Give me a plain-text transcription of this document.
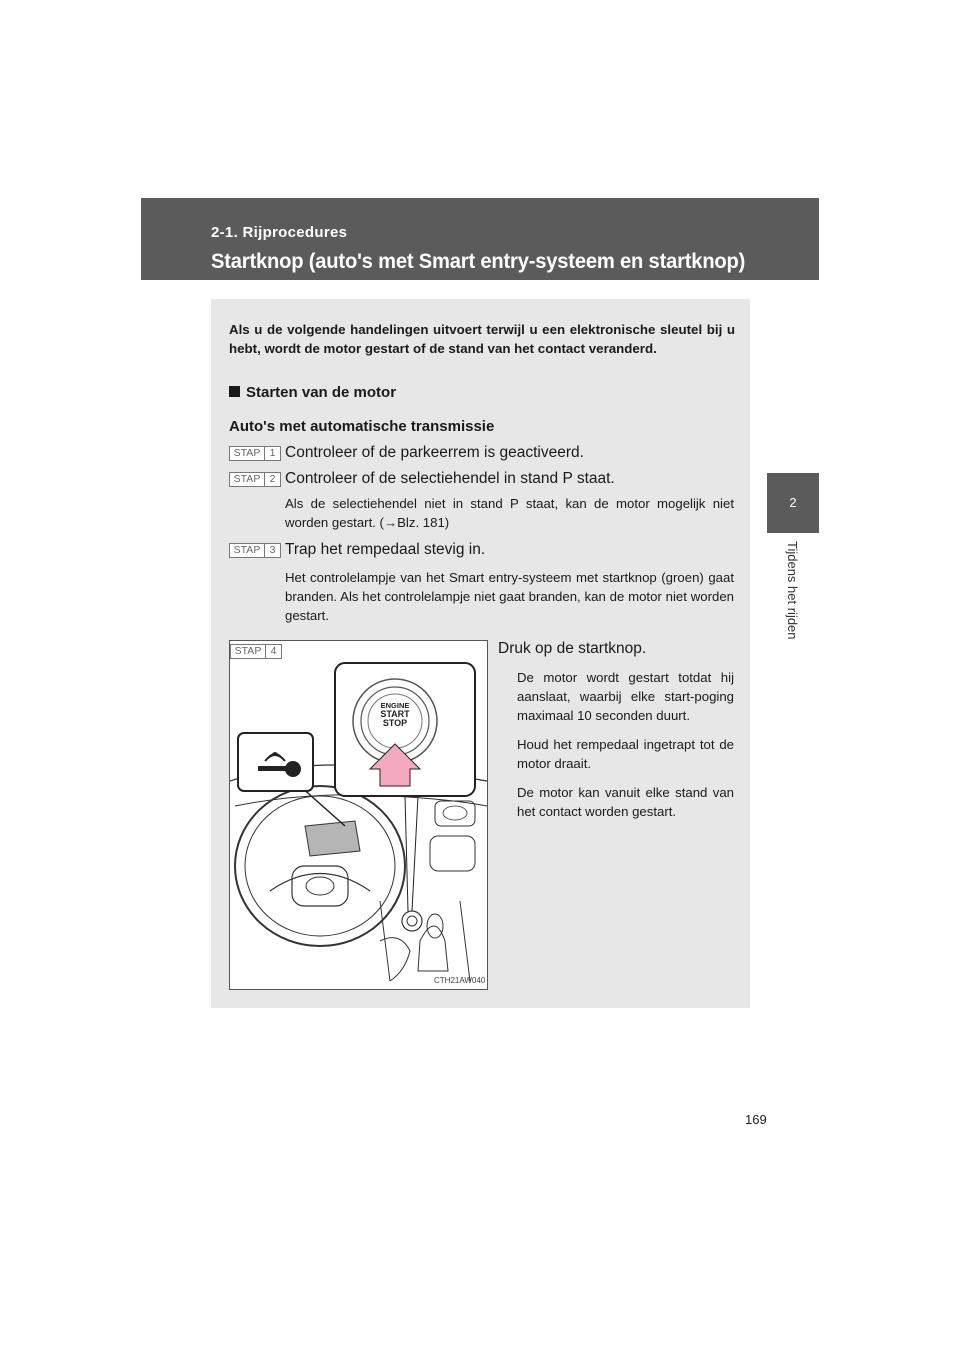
2-1. Rijprocedures
Startknop (auto's met Smart entry-systeem en startknop)
2
Tijdens het rijden
Als u de volgende handelingen uitvoert terwijl u een elektronische sleutel bij u hebt, wordt de motor gestart of de stand van het contact veranderd.
Starten van de motor
Auto's met automatische transmissie
STAP 1 Controleer of de parkeerrem is geactiveerd.
STAP 2 Controleer of de selectiehendel in stand P staat.
Als de selectiehendel niet in stand P staat, kan de motor mogelijk niet worden gestart. (→Blz. 181)
STAP 3 Trap het rempedaal stevig in.
Het controlelampje van het Smart entry-systeem met startknop (groen) gaat branden. Als het controlelampje niet gaat branden, kan de motor niet worden gestart.
STAP 4
ENGINE
START
STOP
CTH21AW040
Druk op de startknop.

De motor wordt gestart totdat hij aanslaat, waarbij elke start-poging maximaal 10 seconden duurt.

Houd het rempedaal ingetrapt tot de motor draait.

De motor kan vanuit elke stand van het contact worden gestart.

169
